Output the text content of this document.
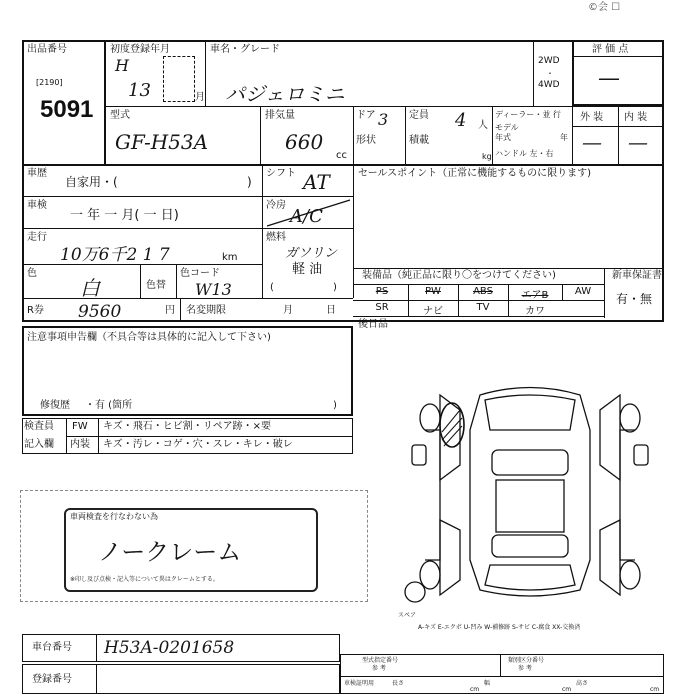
©会 ☐
出品番号
[2190]
5091
初度登録年月
H
13	月
車名・グレード
パジェロミニ
2WD
・
4WD
評 価 点
—
型式
GF-H53A
排気量
660
cc
ドア 3
形状
定員 4 人
積載
kg
ディーラー・並 行
モデル
年式	年
ハンドル 左・右
外 装 内 装
— —
車歴
自家用・(	)
シフト AT	セールスポイント（正常に機能するものに限ります)
車検
一 年 一 月( 一 日)
冷房
A/C
走行
10万6千2 1 7	km
燃料
ガソリン
軽 油
(	)
色
白	色替
色コード
W13
装備品（純正品に限り〇をつけてください)	新車保証書
有・無
PS	PW	ABS	エアB	AW
SR	ナビ	TV	カワ
後日品
R券 9560	円 名変期限	月	日
注意事項申告欄（不具合等は具体的に記入して下さい)
修復歴 ・有 (箇所	)
検査員
記入欄
FW キズ・飛石・ヒビ割・リペア跡・×要
内装 キズ・汚レ・コゲ・穴・スレ・キレ・破レ
車両検査を行なわない為
ノークレーム
※印し及び点検・記入等について異はクレームとする。
スペア
A-キズ E-エクボ U-凹み W-補修跡 S-サビ C-腐食 XX-交換済
車台番号 H53A-0201658
登録番号
型式指定番号
参 考
類別区分番号
参 考
車検証明用	長さ
cm
幅
cm
高さ
cm
